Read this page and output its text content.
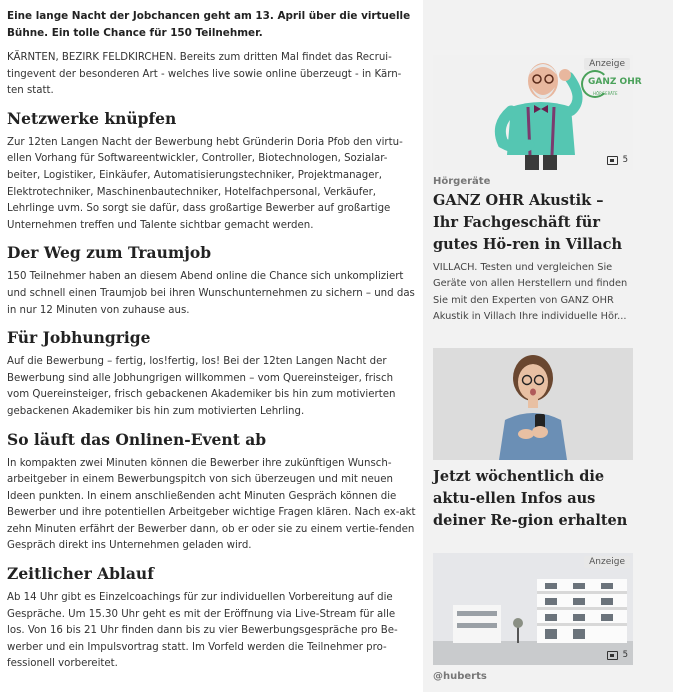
Eine lange Nacht der Jobchancen geht am 13. April über die virtuelle Bühne. Ein tolle Chance für 150 Teilnehmer.

KÄRNTEN, BEZIRK FELDKIRCHEN. Bereits zum dritten Mal findet das Recrui-tingevent der besonderen Art - welches live sowie online überzeugt - in Kärn-ten statt.

Netzwerke knüpfen

Zur 12ten Langen Nacht der Bewerbung hebt Gründerin Doria Pfob den virtu-ellen Vorhang für Softwareentwickler, Controller, Biotechnologen, Sozialar-beiter, Logistiker, Einkäufer, Automatisierungstechniker, Projektmanager, Elektrotechniker, Maschinenbautechniker, Hotelfachpersonal, Verkäufer, Lehrlinge uvm. So sorgt sie dafür, dass großartige Bewerber auf großartige Unternehmen treffen und Talente sichtbar gemacht werden.

Der Weg zum Traumjob

150 Teilnehmer haben an diesem Abend online die Chance sich unkompliziert und schnell einen Traumjob bei ihren Wunschunternehmen zu sichern – und das in nur 12 Minuten von zuhause aus.

Für Jobhungrige

Auf die Bewerbung – fertig, los!fertig, los! Bei der 12ten Langen Nacht der Bewerbung sind alle Jobhungrigen willkommen – vom Quereinsteiger, frisch vom Quereinsteiger, frisch gebackenen Akademiker bis hin zum motivierten gebackenen Akademiker bis hin zum motivierten Lehrling.

So läuft das Onlinen-Event ab

In kompakten zwei Minuten können die Bewerber ihre zukünftigen Wunsch-arbeitgeber in einem Bewerbungspitch von sich überzeugen und mit neuen Ideen punkten. In einem anschließenden acht Minuten Gespräch können die Bewerber und ihre potentiellen Arbeitgeber wichtige Fragen klären. Nach ex-akt zehn Minuten erfährt der Bewerber dann, ob er oder sie zu einem vertie-fenden Gespräch direkt ins Unternehmen geladen wird.

Zeitlicher Ablauf

Ab 14 Uhr gibt es Einzelcoachings für zur individuellen Vorbereitung auf die Gespräche. Um 15.30 Uhr geht es mit der Eröffnung via Live-Stream für alle los. Von 16 bis 21 Uhr finden dann bis zu vier Bewerbungsgespräche pro Be-werber und ein Impulsvortrag statt. Im Vorfeld werden die Teilnehmer pro-fessionell vorbereitet.

GANZ OHR
HÖRGERÄTE
Anzeige
5
Hörgeräte
GANZ OHR Akustik – Ihr Fachgeschäft für gutes Hö-ren in Villach
VILLACH. Testen und vergleichen Sie Geräte von allen Herstellern und finden Sie mit den Experten von GANZ OHR Akustik in Villach Ihre individuelle Hör...
Jetzt wöchentlich die aktu-ellen Infos aus deiner Re-gion erhalten
Anzeige
5
@huberts
